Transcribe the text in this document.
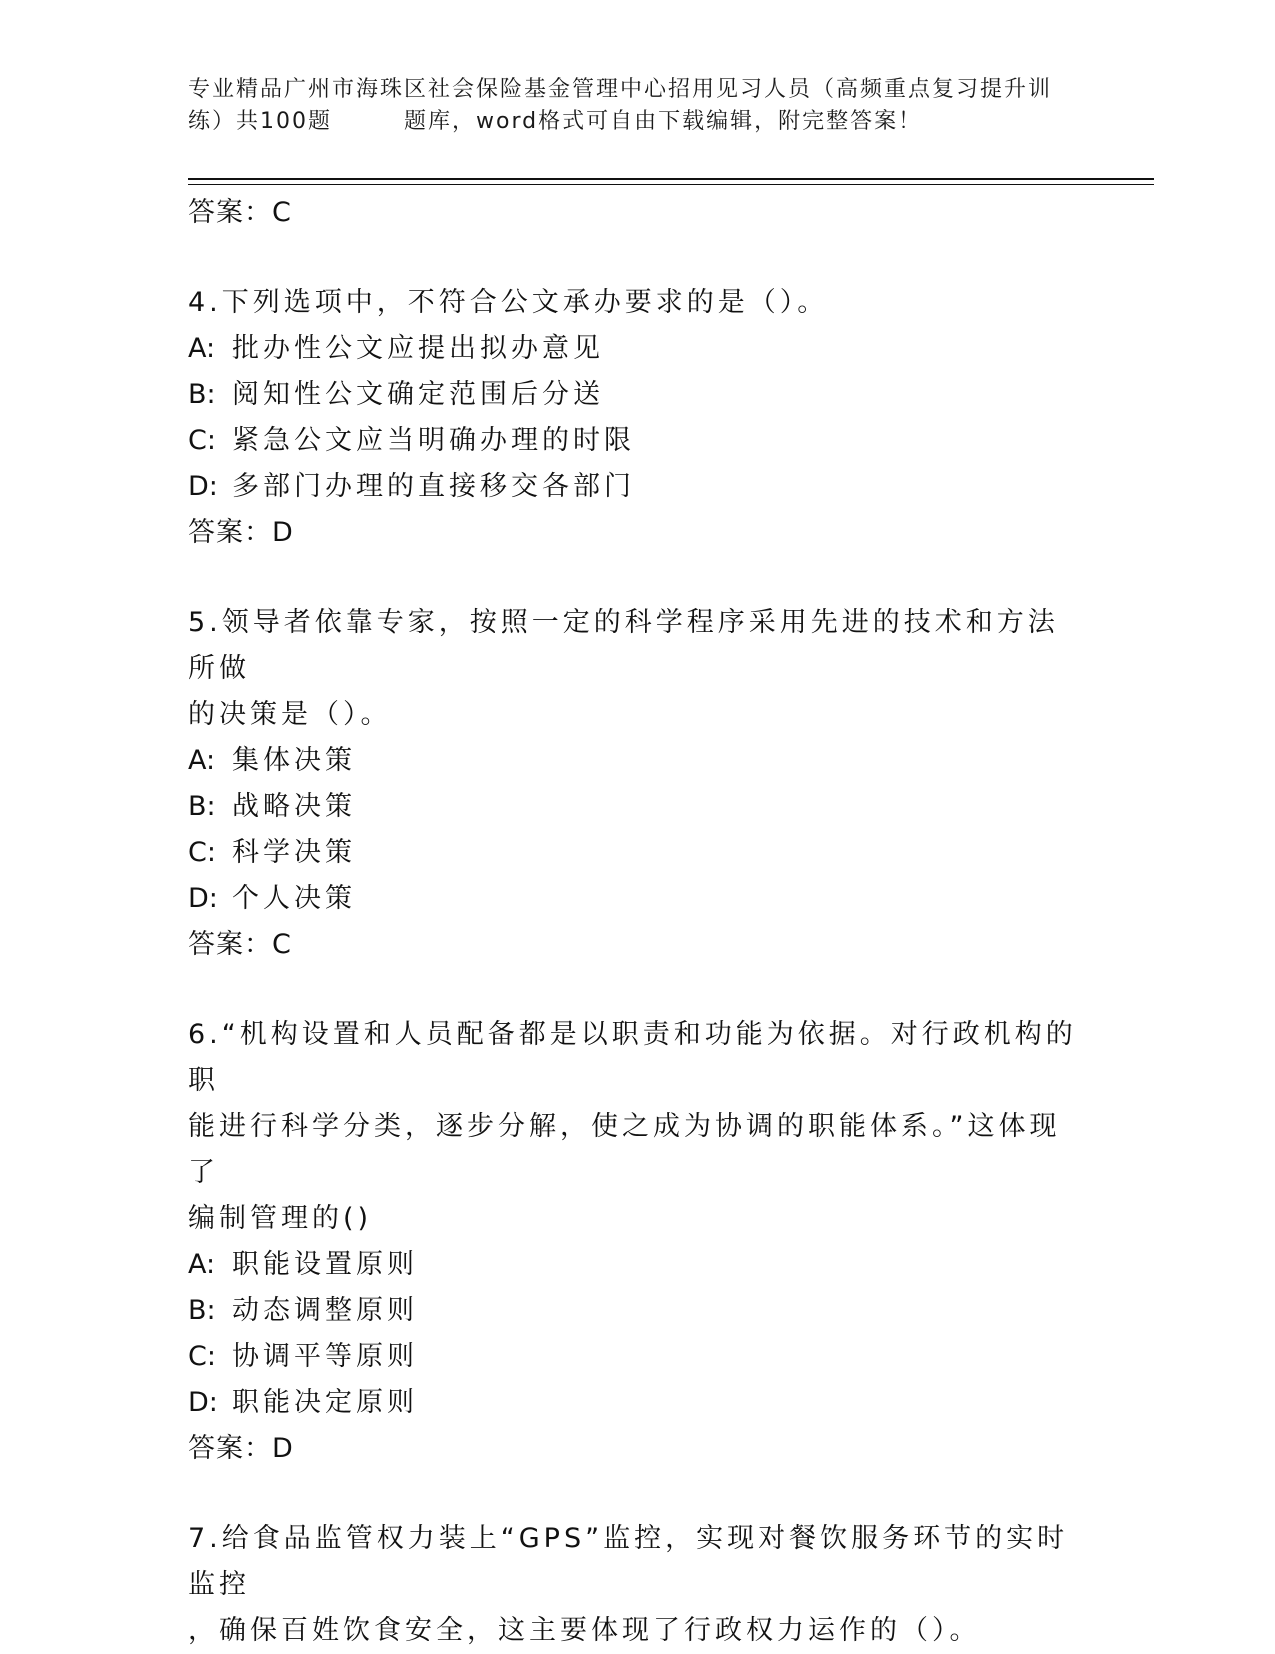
专业精品广州市海珠区社会保险基金管理中心招用见习人员（高频重点复习提升训
练）共100题	题库，word格式可自由下载编辑，附完整答案！

答案：C

4.下列选项中，不符合公文承办要求的是（）。

A: 批办性公文应提出拟办意见

B: 阅知性公文确定范围后分送

C: 紧急公文应当明确办理的时限

D: 多部门办理的直接移交各部门

答案：D

5.领导者依靠专家，按照一定的科学程序采用先进的技术和方法所做

的决策是（）。

A: 集体决策

B: 战略决策

C: 科学决策

D: 个人决策

答案：C

6.“机构设置和人员配备都是以职责和功能为依据。对行政机构的职

能进行科学分类，逐步分解，使之成为协调的职能体系。”这体现了

编制管理的()

A: 职能设置原则

B: 动态调整原则

C: 协调平等原则

D: 职能决定原则

答案：D

7.给食品监管权力装上“GPS”监控，实现对餐饮服务环节的实时监控

，确保百姓饮食安全，这主要体现了行政权力运作的（）。
